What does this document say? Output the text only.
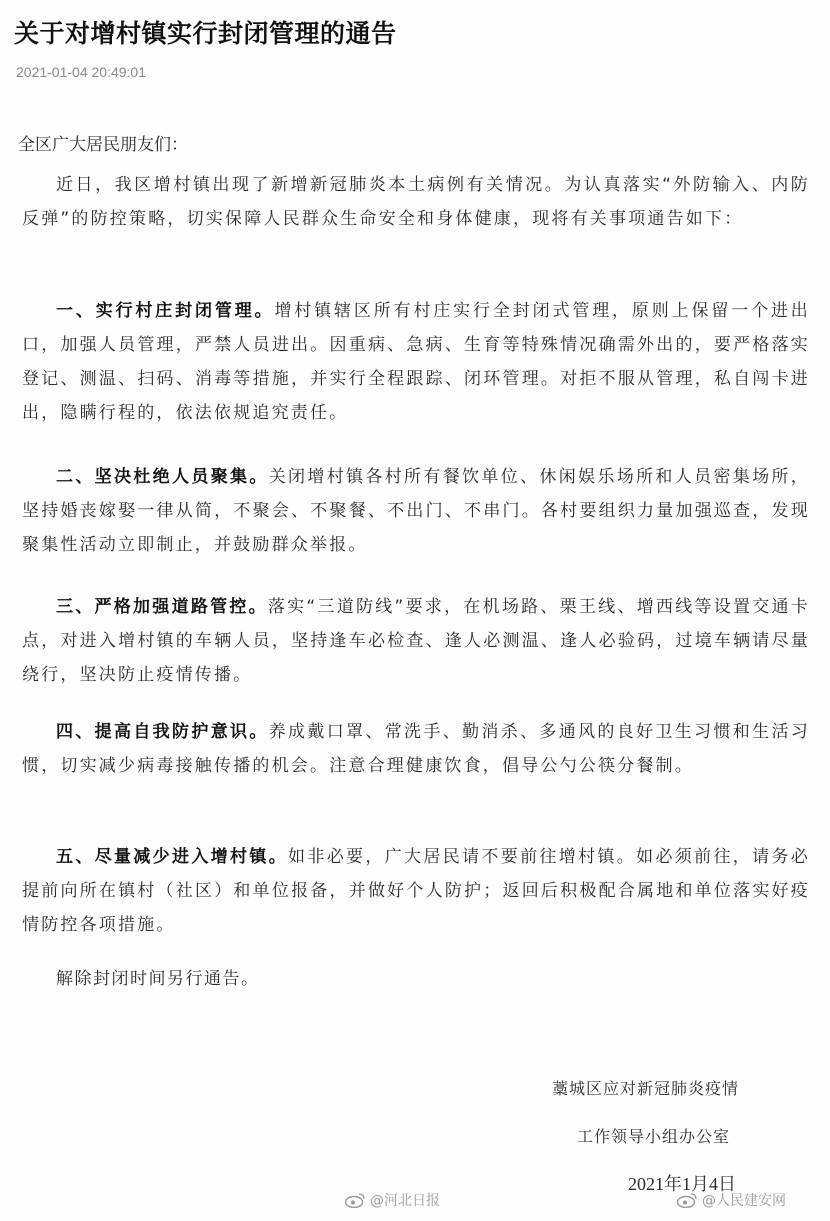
关于对增村镇实行封闭管理的通告
2021-01-04 20:49:01
全区广大居民朋友们：
近日，我区增村镇出现了新增新冠肺炎本土病例有关情况。为认真落实“外防输入、内防反弹”的防控策略，切实保障人民群众生命安全和身体健康，现将有关事项通告如下：
一、实行村庄封闭管理。增村镇辖区所有村庄实行全封闭式管理，原则上保留一个进出口，加强人员管理，严禁人员进出。因重病、急病、生育等特殊情况确需外出的，要严格落实登记、测温、扫码、消毒等措施，并实行全程跟踪、闭环管理。对拒不服从管理，私自闯卡进出，隐瞒行程的，依法依规追究责任。
二、坚决杜绝人员聚集。关闭增村镇各村所有餐饮单位、休闲娱乐场所和人员密集场所，坚持婚丧嫁娶一律从简，不聚会、不聚餐、不出门、不串门。各村要组织力量加强巡查，发现聚集性活动立即制止，并鼓励群众举报。
三、严格加强道路管控。落实“三道防线”要求，在机场路、栗王线、增西线等设置交通卡点，对进入增村镇的车辆人员，坚持逢车必检查、逢人必测温、逢人必验码，过境车辆请尽量绕行，坚决防止疫情传播。
四、提高自我防护意识。养成戴口罩、常洗手、勤消杀、多通风的良好卫生习惯和生活习惯，切实减少病毒接触传播的机会。注意合理健康饮食，倡导公勺公筷分餐制。
五、尽量减少进入增村镇。如非必要，广大居民请不要前往增村镇。如必须前往，请务必提前向所在镇村（社区）和单位报备，并做好个人防护；返回后积极配合属地和单位落实好疫情防控各项措施。
解除封闭时间另行通告。
藁城区应对新冠肺炎疫情
工作领导小组办公室
2021年1月4日
@河北日报	@人民建安网
